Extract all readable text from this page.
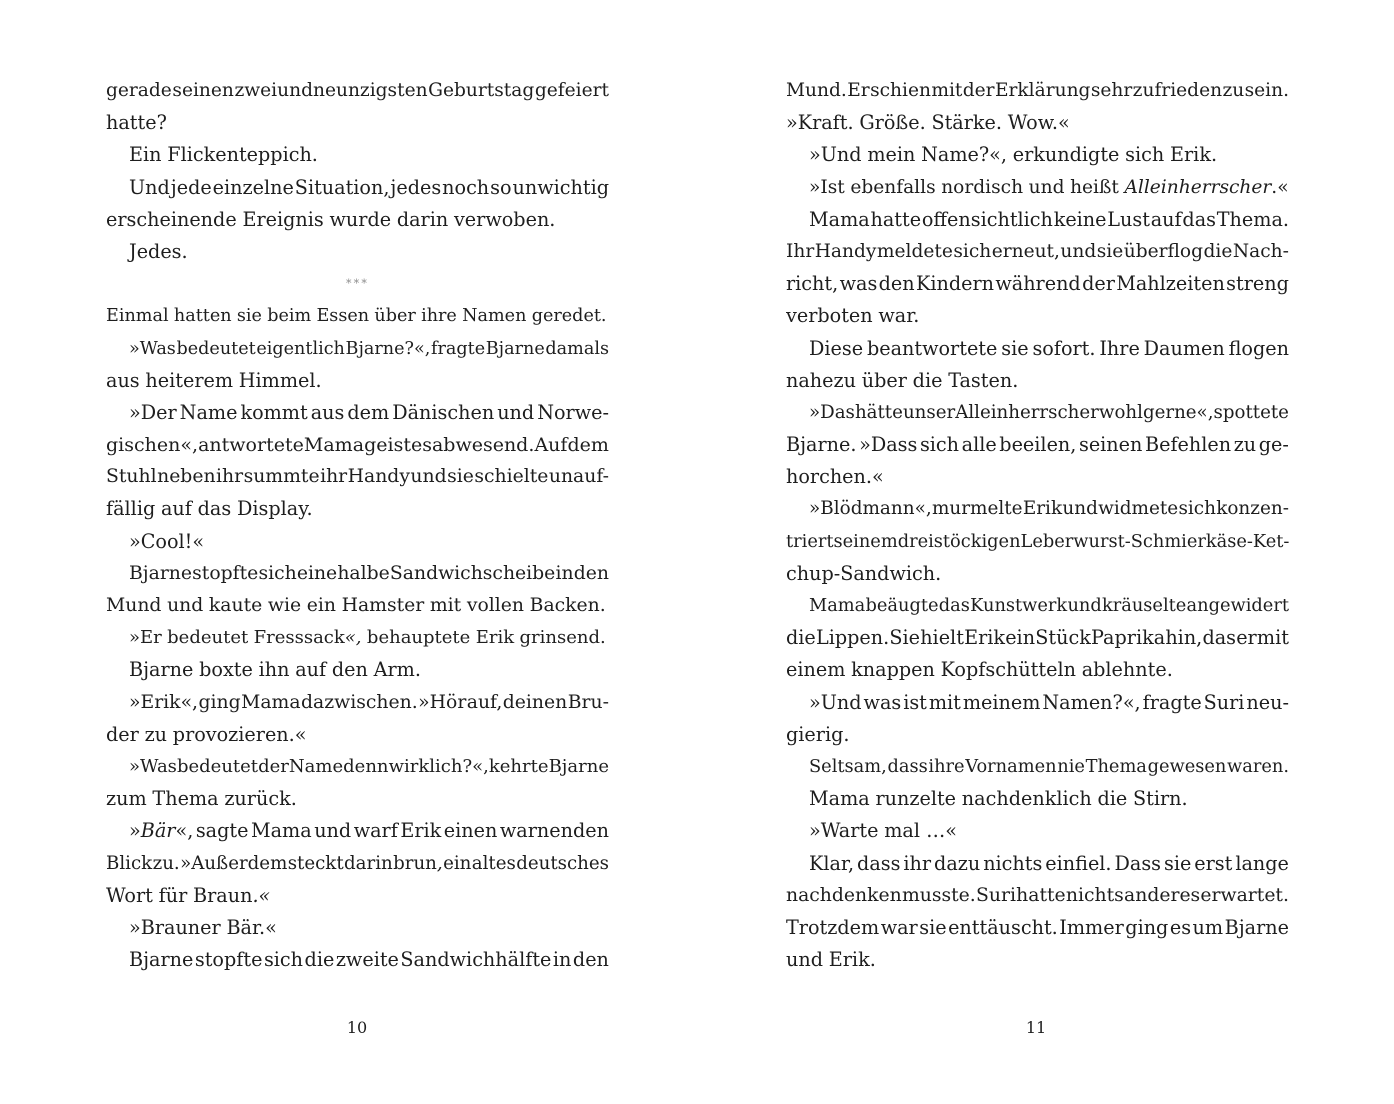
gerade seinen zweiundneunzigsten Geburtstag gefeiert
hatte?
Ein Flickenteppich.
Und jede einzelne Situation, jedes noch so unwichtig
erscheinende Ereignis wurde darin verwoben.
Jedes.
***
Einmal hatten sie beim Essen über ihre Namen geredet.
»Was bedeutet eigentlich Bjarne?«, fragte Bjarne damals
aus heiterem Himmel.
»Der Name kommt aus dem Dänischen und Norwe-
gischen«, antwortete Mama geistesabwesend. Auf dem
Stuhl neben ihr summte ihr Handy und sie schielte unauf-
fällig auf das Display.
»Cool!«
Bjarne stopfte sich eine halbe Sandwichscheibe in den
Mund und kaute wie ein Hamster mit vollen Backen.
»Er bedeutet Fresssack«, behauptete Erik grinsend.
Bjarne boxte ihn auf den Arm.
»Erik«, ging Mama dazwischen. »Hör auf, deinen Bru-
der zu provozieren.«
»Was bedeutet der Name denn wirklich?«, kehrte Bjarne
zum Thema zurück.
»Bär«, sagte Mama und warf Erik einen warnenden
Blick zu. »Außerdem steckt darin brun, ein altes deutsches
Wort für Braun.«
»Brauner Bär.«
Bjarne stopfte sich die zweite Sandwichhälfte in den
Mund. Er schien mit der Erklärung sehr zufrieden zu sein.
»Kraft. Größe. Stärke. Wow.«
»Und mein Name?«, erkundigte sich Erik.
»Ist ebenfalls nordisch und heißt Alleinherrscher.«
Mama hatte offensichtlich keine Lust auf das Thema.
Ihr Handy meldete sich erneut, und sie überflog die Nach-
richt, was den Kindern während der Mahlzeiten streng
verboten war.
Diese beantwortete sie sofort. Ihre Daumen flogen
nahezu über die Tasten.
»Das hätte unser Alleinherrscher wohl gerne«, spottete
Bjarne. »Dass sich alle beeilen, seinen Befehlen zu ge-
horchen.«
»Blödmann«, murmelte Erik und widmete sich konzen-
triert seinem dreistöckigen Leberwurst-Schmierkäse-Ket-
chup-Sandwich.
Mama beäugte das Kunstwerk und kräuselte angewidert
die Lippen. Sie hielt Erik ein Stück Paprika hin, das er mit
einem knappen Kopfschütteln ablehnte.
»Und was ist mit meinem Namen?«, fragte Suri neu-
gierig.
Seltsam, dass ihre Vornamen nie Thema gewesen waren.
Mama runzelte nachdenklich die Stirn.
»Warte mal …«
Klar, dass ihr dazu nichts einfiel. Dass sie erst lange
nachdenken musste. Suri hatte nichts anderes erwartet.
Trotzdem war sie enttäuscht. Immer ging es um Bjarne
und Erik.
10	11
